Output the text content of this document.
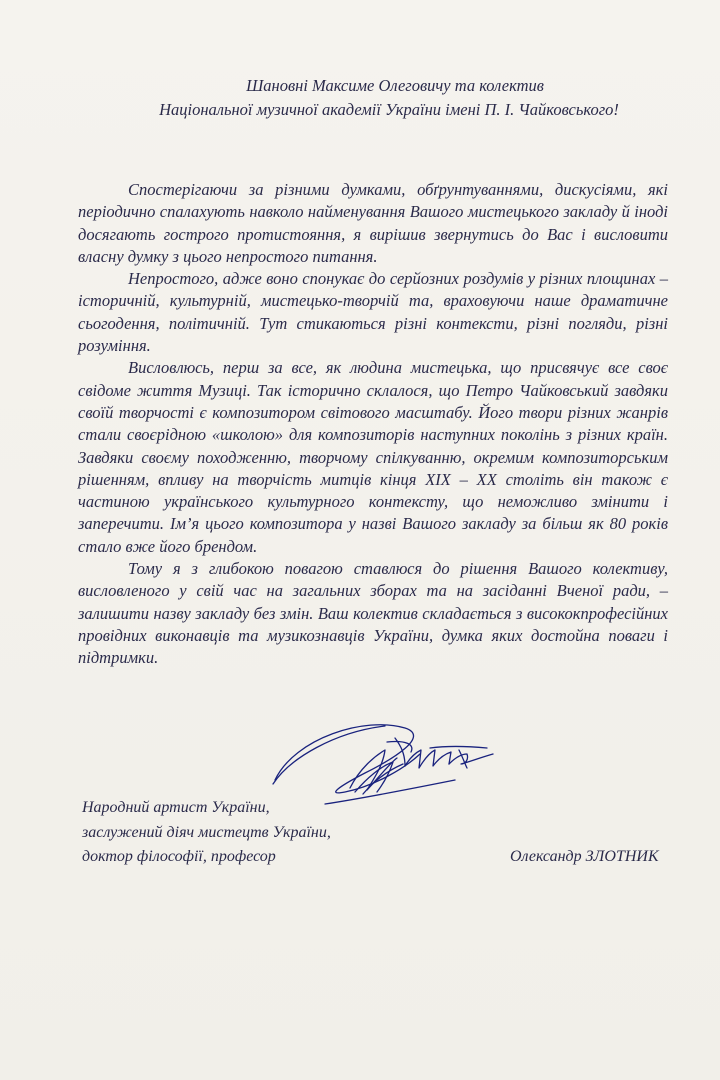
Шановні Максиме Олеговичу та колектив
Національної музичної академії України імені П. І. Чайковського!

Спостерігаючи за різними думками, обґрунтуваннями, дискусіями, які періодично спалахують навколо найменування Вашого мистецького закладу й іноді досягають гострого протистояння, я вирішив звернутись до Вас і висловити власну думку з цього непростого питання.

Непростого, адже воно спонукає до серйозних роздумів у різних площинах – історичній, культурній, мистецько-творчій та, враховуючи наше драматичне сьогодення, політичній. Тут стикаються різні контексти, різні погляди, різні розуміння.

Висловлюсь, перш за все, як людина мистецька, що присвячує все своє свідоме життя Музиці. Так історично склалося, що Петро Чайковський завдяки своїй творчості є композитором світового масштабу. Його твори різних жанрів стали своєрідною «школою» для композиторів наступних поколінь з різних країн. Завдяки своєму походженню, творчому спілкуванню, окремим композиторським рішенням, впливу на творчість митців кінця XIX – XX століть він також є частиною українського культурного контексту, що неможливо змінити і заперечити. Ім’я цього композитора у назві Вашого закладу за більш як 80 років стало вже його брендом.

Тому я з глибокою повагою ставлюся до рішення Вашого колективу, висловленого у свій час на загальних зборах та на засіданні Вченої ради, – залишити назву закладу без змін. Ваш колектив складається з висококпрофесійних провідних виконавців та музикознавців України, думка яких достойна поваги і підтримки.

Народний артист України,
заслужений діяч мистецтв України,
доктор філософії, професор	Олександр ЗЛОТНИК
